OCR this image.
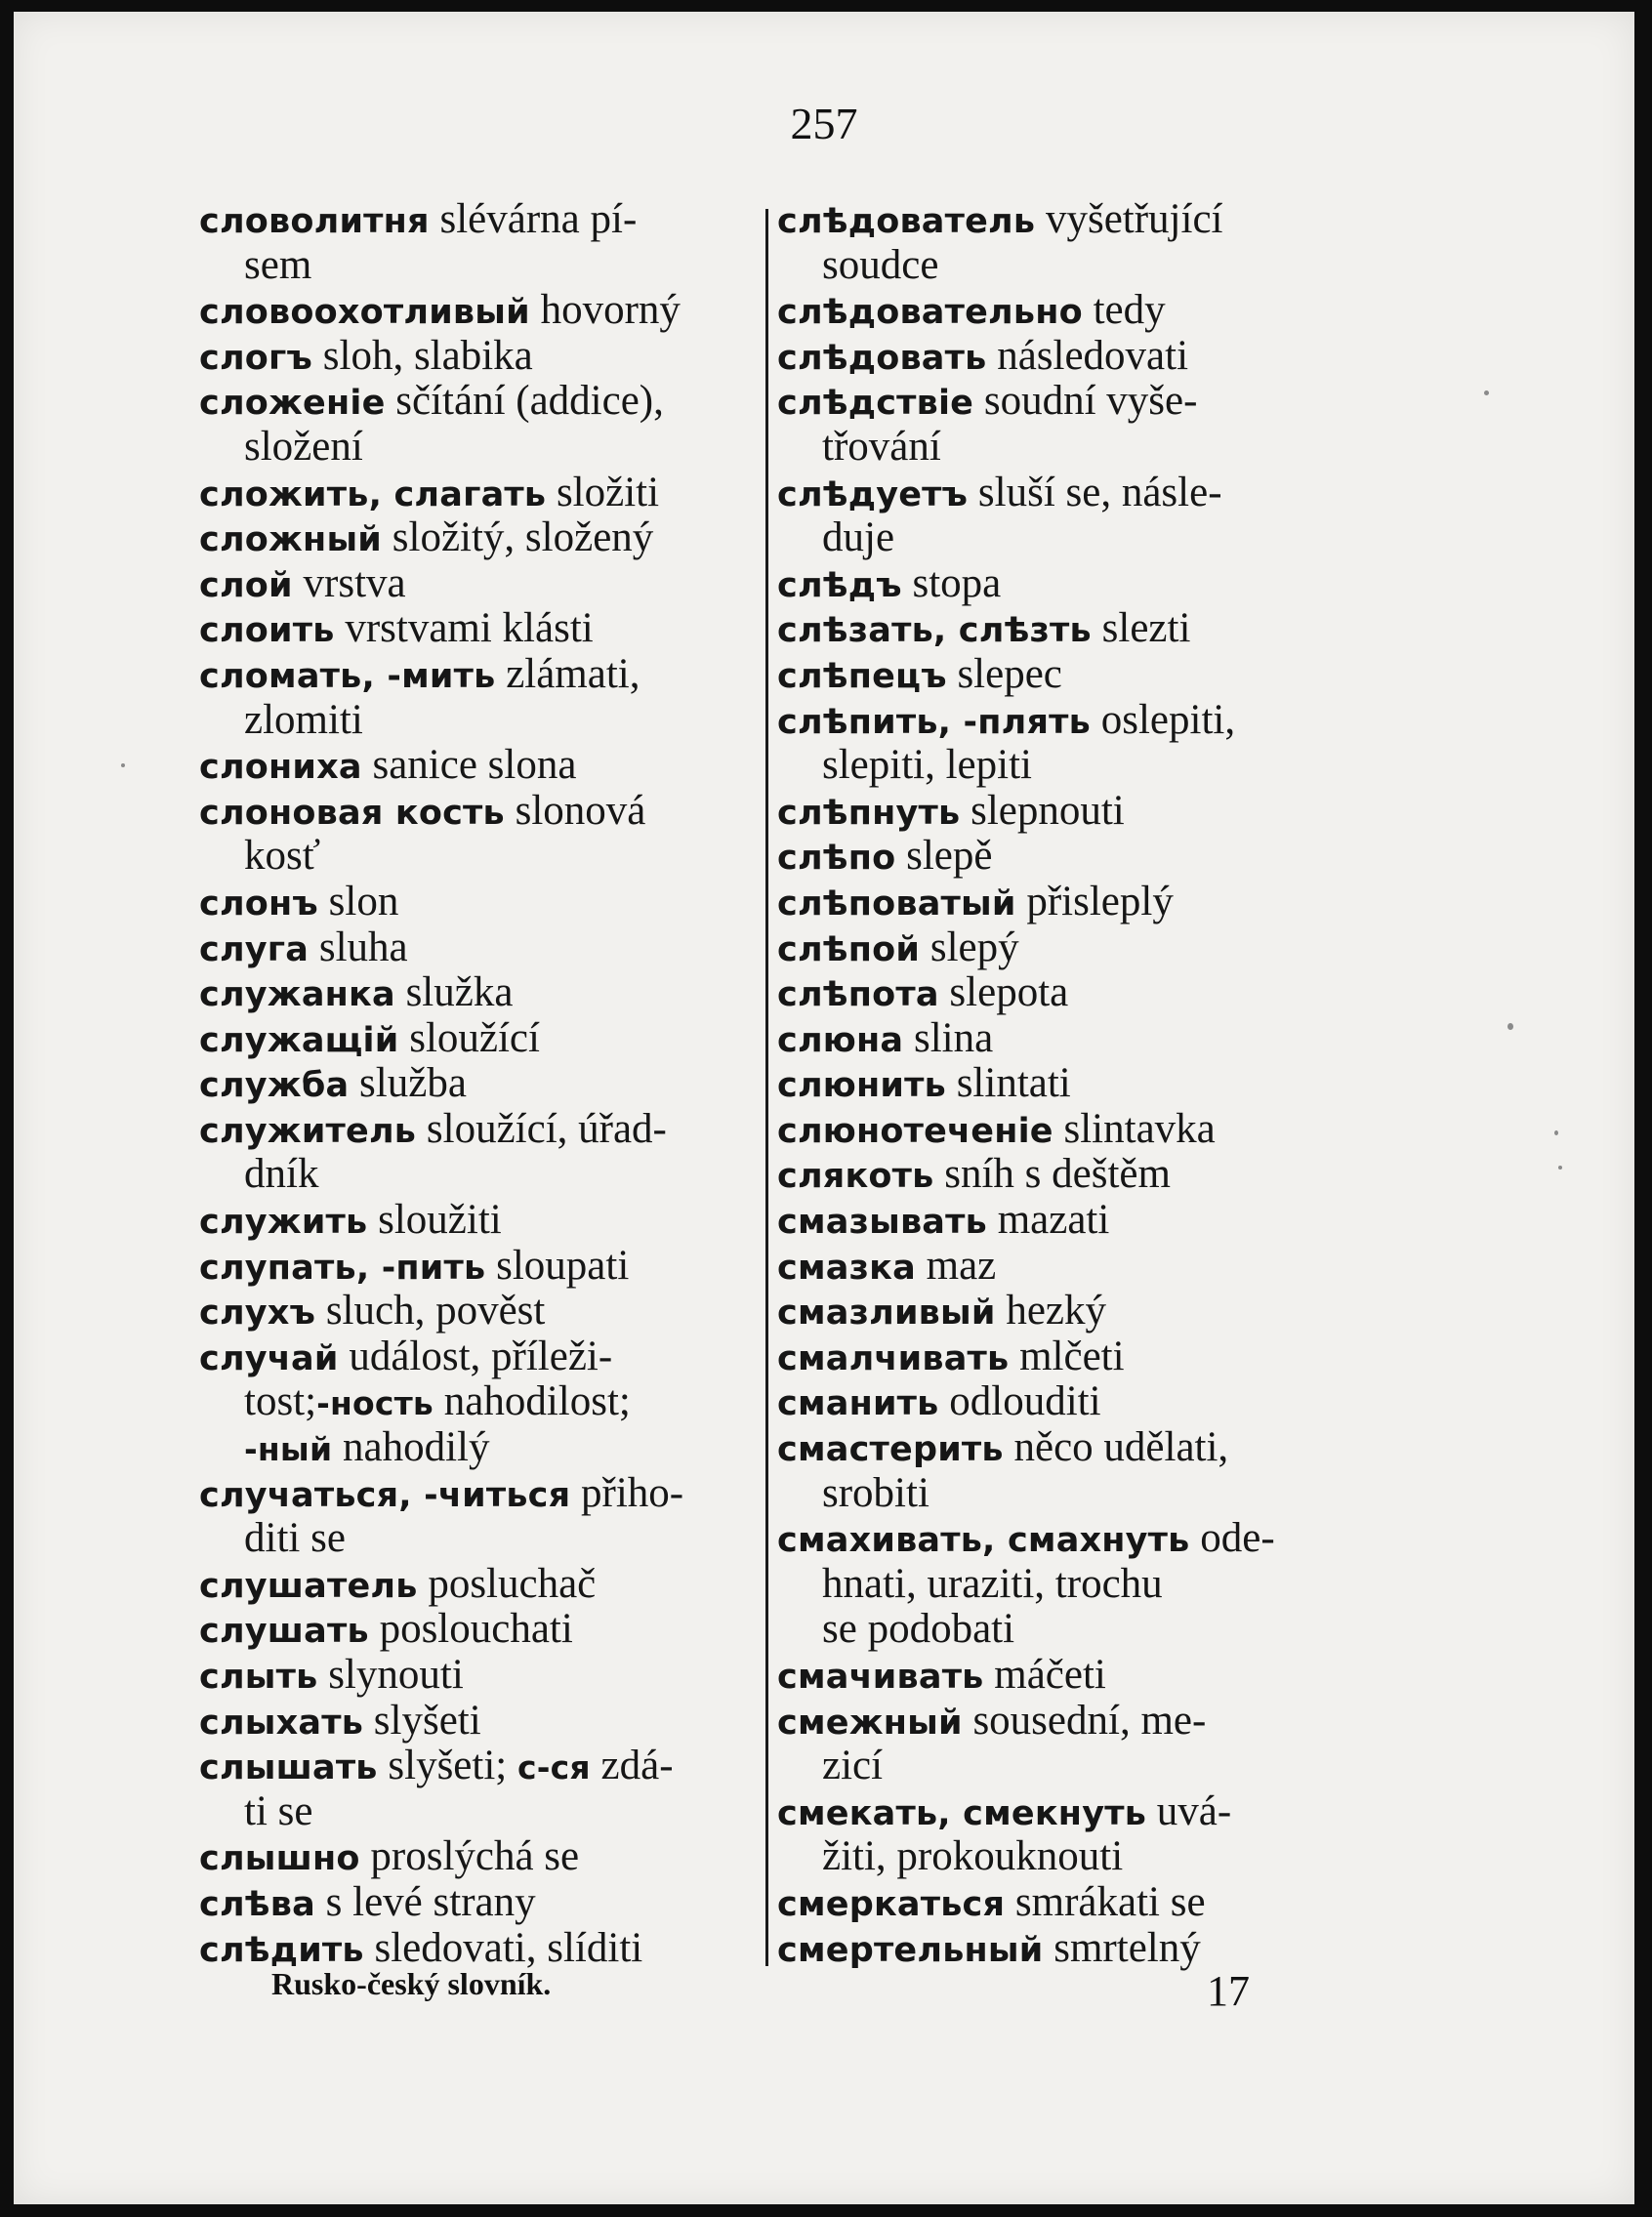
257
словолитня slévárna pí-
sem
словоохотливый hovorný
слогъ sloh, slabika
сложеніе sčítání (addice),
složení
сложить, слагать složiti
сложный složitý, složený
слой vrstva
слоить vrstvami klásti
сломать, -мить zlámati,
zlomiti
слониха sanice slona
слоновая кость slonová
kosť
слонъ slon
слуга sluha
служанка služka
служащій sloužící
служба služba
служитель sloužící, úřad-
dník
служить sloužiti
слупать, -пить sloupati
слухъ sluch, pověst
случай událost, příleži-
tost;-ность nahodilost;
-ный nahodilý
случаться, -читься přiho-
diti se
слушатель posluchač
слушать poslouchati
слыть slynouti
слыхать slyšeti
слышать slyšeti; с-ся zdá-
ti se
слышно proslýchá se
слѣва s levé strany
слѣдить sledovati, slíditi
слѣдователь vyšetřující
soudce
слѣдовательно tedy
слѣдовать následovati
слѣдствіе soudní vyše-
třování
слѣдуетъ sluší se, násle-
duje
слѣдъ stopa
слѣзать, слѣзть slezti
слѣпецъ slepec
слѣпить, -плять oslepiti,
slepiti, lepiti
слѣпнуть slepnouti
слѣпо slepě
слѣповатый přisleplý
слѣпой slepý
слѣпота slepota
слюна slina
слюнить slintati
слюнотеченіе slintavka
слякоть sníh s deštěm
смазывать mazati
смазка maz
смазливый hezký
смалчивать mlčeti
сманить odlouditi
смастерить něco udělati,
srobiti
смахивать, смахнуть ode-
hnati, uraziti, trochu
se podobati
смачивать máčeti
смежный sousední, me-
zicí
смекать, смекнуть uvá-
žiti, prokouknouti
смеркаться smrákati se
смертельный smrtelný
Rusko-český slovník.	17
